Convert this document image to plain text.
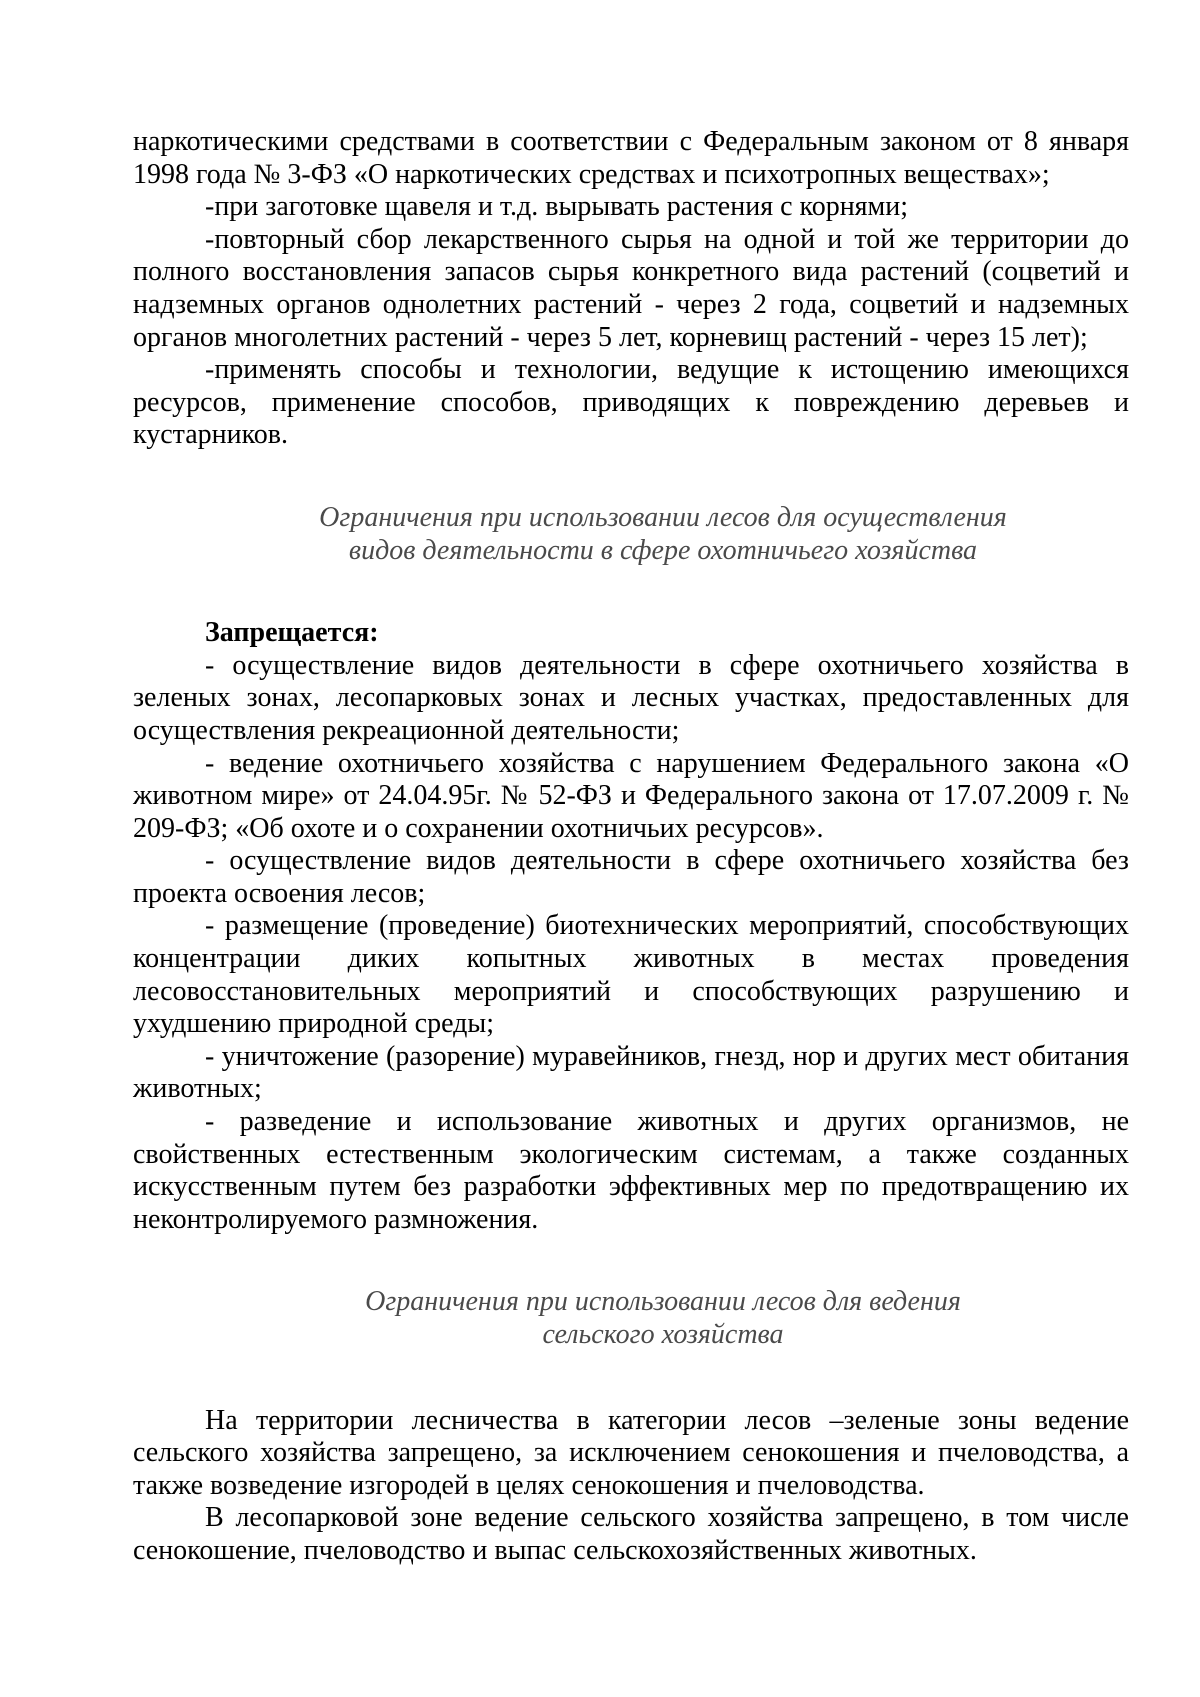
наркотическими средствами в соответствии с Федеральным законом от 8 января 1998 года № 3-ФЗ «О наркотических средствах и психотропных веществах»;

-при заготовке щавеля и т.д. вырывать растения с корнями;

-повторный сбор лекарственного сырья на одной и той же территории до полного восстановления запасов сырья конкретного вида растений (соцветий и надземных органов однолетних растений - через 2 года, соцветий и надземных органов многолетних растений - через 5 лет, корневищ растений - через 15 лет);

-применять способы и технологии, ведущие к истощению имеющихся ресурсов, применение способов, приводящих к повреждению деревьев и кустарников.

Ограничения при использовании лесов для осуществления
видов деятельности в сфере охотничьего хозяйства
Запрещается:

- осуществление видов деятельности в сфере охотничьего хозяйства в зеленых зонах, лесопарковых зонах и лесных участках, предоставленных для осуществления рекреационной деятельности;

- ведение охотничьего хозяйства с нарушением Федерального закона «О животном мире» от 24.04.95г. № 52-ФЗ и Федерального закона от 17.07.2009 г. № 209-ФЗ; «Об охоте и о сохранении охотничьих ресурсов».

- осуществление видов деятельности в сфере охотничьего хозяйства без проекта освоения лесов;

- размещение (проведение) биотехнических мероприятий, способствующих концентрации диких копытных животных в местах проведения лесовосстановительных мероприятий и способствующих разрушению и ухудшению природной среды;

- уничтожение (разорение) муравейников, гнезд, нор и других мест обитания животных;

- разведение и использование животных и других организмов, не свойственных естественным экологическим системам, а также созданных искусственным путем без разработки эффективных мер по предотвращению их неконтролируемого размножения.

Ограничения при использовании лесов для ведения
сельского хозяйства

На территории лесничества в категории лесов –зеленые зоны ведение сельского хозяйства запрещено, за исключением сенокошения и пчеловодства, а также возведение изгородей в целях сенокошения и пчеловодства.

В лесопарковой зоне ведение сельского хозяйства запрещено, в том числе сенокошение, пчеловодство и выпас сельскохозяйственных животных.
